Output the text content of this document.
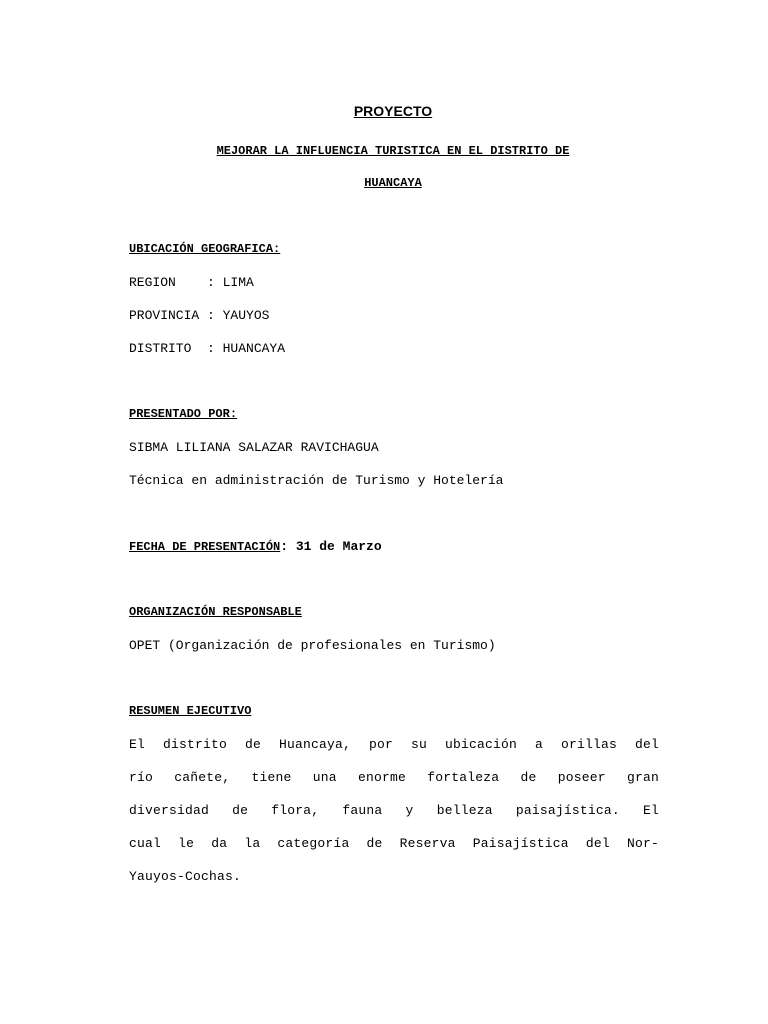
PROYECTO
MEJORAR LA INFLUENCIA TURISTICA EN EL DISTRITO DE
HUANCAYA
UBICACIÓN GEOGRAFICA:
REGION    : LIMA
PROVINCIA : YAUYOS
DISTRITO  : HUANCAYA
PRESENTADO POR:
SIBMA LILIANA SALAZAR RAVICHAGUA
Técnica en administración de Turismo y Hotelería
FECHA DE PRESENTACIÓN: 31 de Marzo
ORGANIZACIÓN RESPONSABLE
OPET (Organización de profesionales en Turismo)
RESUMEN EJECUTIVO
El distrito de Huancaya, por su ubicación a orillas del
río cañete, tiene una enorme fortaleza de poseer gran
diversidad de flora, fauna y belleza paisajística. El
cual le da la categoría de Reserva Paisajística del Nor-
Yauyos-Cochas.
